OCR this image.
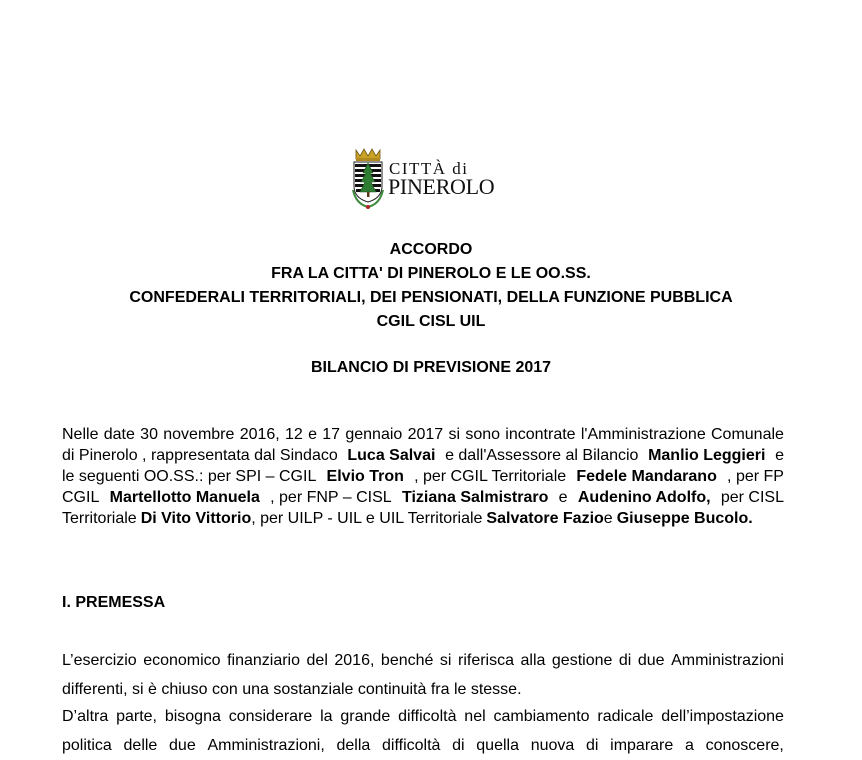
CITTÀ di
PINEROLO
ACCORDO
FRA LA CITTA' DI PINEROLO E LE OO.SS.
CONFEDERALI TERRITORIALI, DEI PENSIONATI, DELLA FUNZIONE PUBBLICA
CGIL CISL UIL
BILANCIO DI PREVISIONE 2017
Nelle date 30 novembre 2016, 12 e 17 gennaio 2017 si sono incontrate l'Amministrazione Comunale
di Pinerolo , rappresentata dal Sindaco Luca Salvai e dall'Assessore al Bilancio Manlio Leggieri e
le seguenti OO.SS.: per SPI – CGIL Elvio Tron , per CGIL Territoriale Fedele Mandarano , per FP
CGIL Martellotto Manuela , per FNP – CISL Tiziana Salmistraro e Audenino Adolfo, per CISL
Territoriale Di Vito Vittorio , per UILP - UIL e UIL Territoriale Salvatore Fazio e Giuseppe Bucolo.
I. PREMESSA
L’esercizio economico finanziario del 2016, benché si riferisca alla gestione di due Amministrazioni
differenti, si è chiuso con una sostanziale continuità fra le stesse.
D’altra parte, bisogna considerare la grande difficoltà nel cambiamento radicale dell’impostazione
politica delle due Amministrazioni, della difficoltà di quella nuova di imparare a conoscere,
